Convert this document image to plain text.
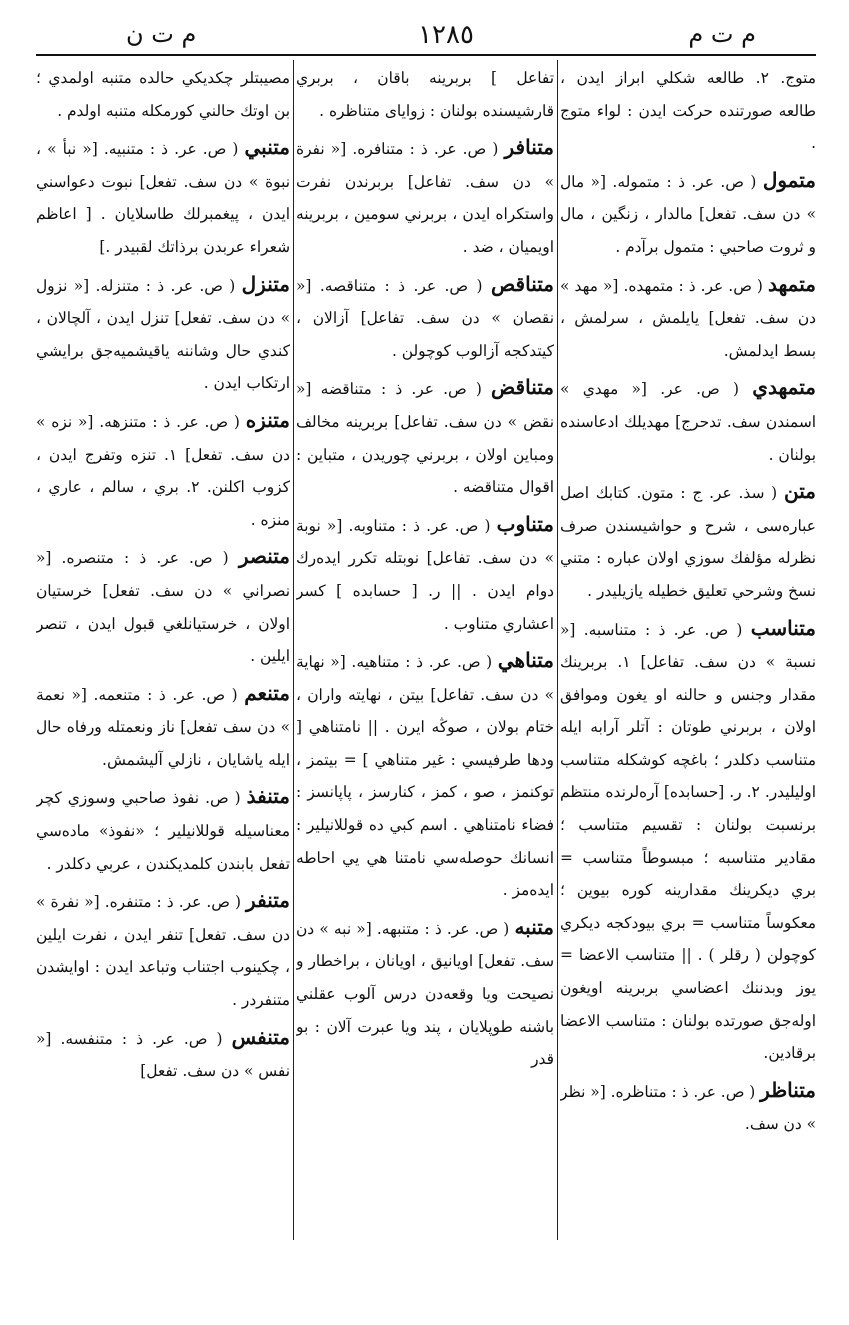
م ت ن	١٢٨٥	م ت م
متوج. ٢. طالعه شكلي ابراز ايدن ، طالعه صورتنده حركت ايدن : لواء متوج .
متمول ( ص. عر. ذ : متموله. [« مال » دن سف. تفعل] مالدار ، زنگين ، مال و ثروت صاحبي : متمول برآدم .
متمهد ( ص. عر. ذ : متمهده. [« مهد » دن سف. تفعل] يايلمش ، سرلمش ، بسط ايدلمش.
متمهدي ( ص. عر. [« مهدي » اسمندن سف. تدحرج] مهديلك ادعاسنده بولنان .
متن ( سذ. عر. ج : متون. كتابك اصل عبارەسی ، شرح و حواشيسندن صرف نظرله مؤلفك سوزي اولان عباره : متني نسخ وشرحي تعليق خطيله يازيليدر .
متناسب ( ص. عر. ذ : متناسبه. [« نسبة » دن سف. تفاعل] ١. بربرينك مقدار وجنس و حالنه او يغون وموافق اولان ، بربرني طوتان : آتلر آرابه ايله متناسب دكلدر ؛ باغچه كوشكله متناسب اوليليدر. ٢. ر. [حسابده] آرەلرنده منتظم برنسبت بولنان : تقسيم متناسب ؛ مقادير متناسبه ؛ مبسوطاً متناسب = بري ديكرينك مقدارينه كوره بيوين ؛ معكوساً متناسب = بري بيودكجه ديكري كوچولن ( رقلر ) . || متناسب الاعضا = يوز وبدننك اعضاسي بربرينه اويغون اولەجق صورتده بولنان : متناسب الاعضا برقادين.
متناظر ( ص. عر. ذ : متناظره. [« نظر » دن سف.
تفاعل ] بربرينه باقان ، بربري قارشيسنده بولنان : زوايای متناظره .
متنافر ( ص. عر. ذ : متنافره. [« نفرة » دن سف. تفاعل] بربرندن نفرت واستكراه ايدن ، بربرني سومين ، بربرينه اويميان ، ضد .
متناقص ( ص. عر. ذ : متناقصه. [« نقصان » دن سف. تفاعل] آزالان ، كيتدكجه آزالوب كوچولن .
متناقض ( ص. عر. ذ : متناقضه [« نقض » دن سف. تفاعل] بربرينه مخالف ومباين اولان ، بربرني چوريدن ، متباين : اقوال متناقضه .
متناوب ( ص. عر. ذ : متناوبه. [« نوبة » دن سف. تفاعل] نوبتله تكرر ايدەرك دوام ايدن . || ر. [ حسابده ] كسر اعشاري متناوب .
متناهي ( ص. عر. ذ : متناهيه. [« نهاية » دن سف. تفاعل] بيتن ، نهايته واران ، ختام بولان ، صوڭه ايرن . || نامتناهي [ ودها طرفيسي : غير متناهي ] = بيتمز ، توكنمز ، صو ، كمز ، كنارسز ، پاپانسز : فضاء نامتناهي . اسم كبي ده قوللانيلير : انسانك حوصلەسي نامتنا هي يي احاطه ايدەمز .
متنبه ( ص. عر. ذ : متنبهه. [« نبه » دن سف. تفعل] اويانيق ، اويانان ، براخطار و نصيحت ويا وقعەدن درس آلوب عقلني باشنه طوپلايان ، پند ويا عبرت آلان : بو قدر
مصيبتلر چكديكي حالده متنبه اولمدي ؛ بن اوتك حالني كورمكله متنبه اولدم .
متنبي ( ص. عر. ذ : متنبيه. [« نبأ » ، نبوة » دن سف. تفعل] نبوت دعواسني ايدن ، پيغمبرلك طاسلايان . [ اعاظم شعراء عربدن برذاتك لقبيدر .]
متنزل ( ص. عر. ذ : متنزله. [« نزول » دن سف. تفعل] تنزل ايدن ، آلچالان ، كندي حال وشاننه ياقيشميەجق برايشي ارتكاب ايدن .
متنزه ( ص. عر. ذ : متنزهه. [« نزه » دن سف. تفعل] ١. تنزه وتفرج ايدن ، كزوب اكلنن. ٢. بري ، سالم ، عاري ، منزه .
متنصر ( ص. عر. ذ : متنصره. [« نصراني » دن سف. تفعل] خرستيان اولان ، خرستيانلغي قبول ايدن ، تنصر ايلين .
متنعم ( ص. عر. ذ : متنعمه. [« نعمة » دن سف تفعل] ناز ونعمتله ورفاه حال ايله ياشايان ، نازلي آليشمش.
متنفذ ( ص. نفوذ صاحبي وسوزي كچر معناسيله قوللانيلير ؛ «نفوذ» مادەسي تفعل بابندن كلمديكندن ، عربي دكلدر .
متنفر ( ص. عر. ذ : متنفره. [« نفرة » دن سف. تفعل] تنفر ايدن ، نفرت ايلين ، چكينوب اجتناب وتباعد ايدن : اوايشدن متنفردر .
متنفس ( ص. عر. ذ : متنفسه. [« نفس » دن سف. تفعل]
